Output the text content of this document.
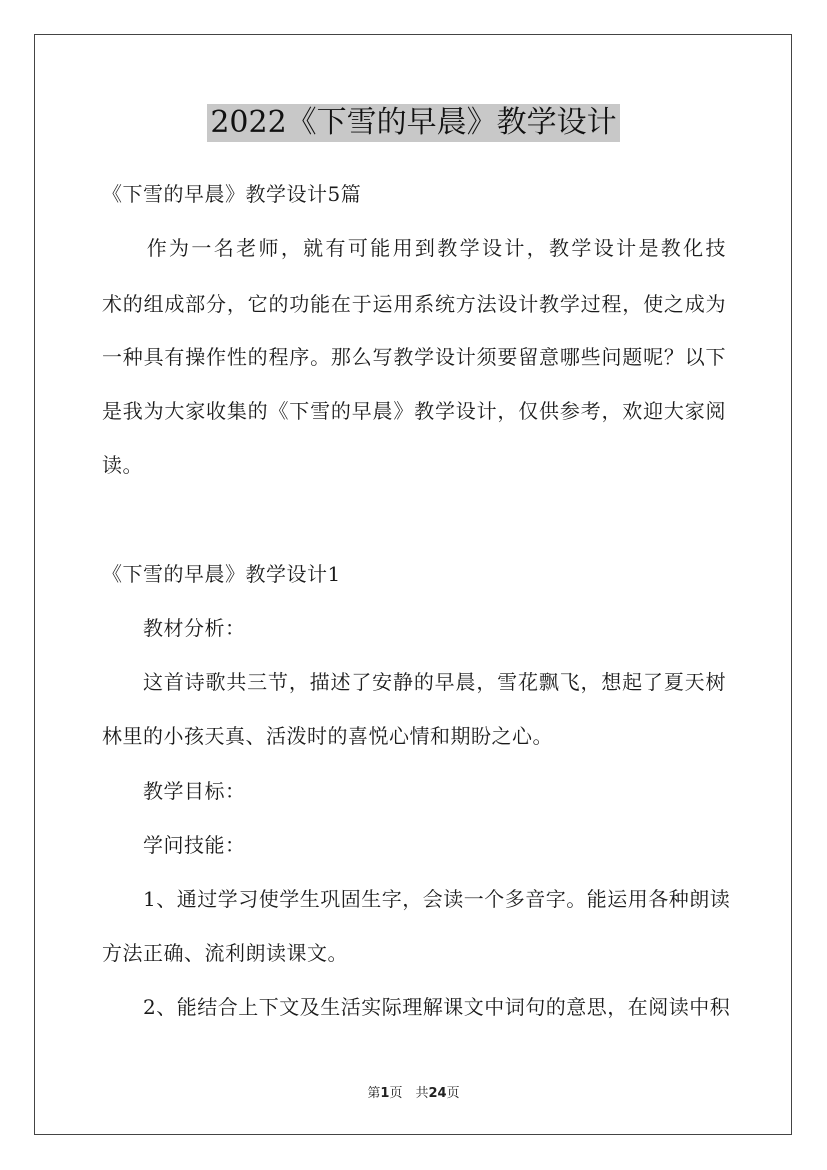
2022《下雪的早晨》教学设计
《下雪的早晨》教学设计5篇
　　作为一名老师，就有可能用到教学设计，教学设计是教化技
术的组成部分，它的功能在于运用系统方法设计教学过程，使之成为
一种具有操作性的程序。那么写教学设计须要留意哪些问题呢？以下
是我为大家收集的《下雪的早晨》教学设计，仅供参考，欢迎大家阅
读。
《下雪的早晨》教学设计1
教材分析：
这首诗歌共三节，描述了安静的早晨，雪花飘飞，想起了夏天树
林里的小孩天真、活泼时的喜悦心情和期盼之心。
教学目标：
学问技能：
1、通过学习使学生巩固生字，会读一个多音字。能运用各种朗读
方法正确、流利朗读课文。
2、能结合上下文及生活实际理解课文中词句的意思，在阅读中积
第1页　共24页
